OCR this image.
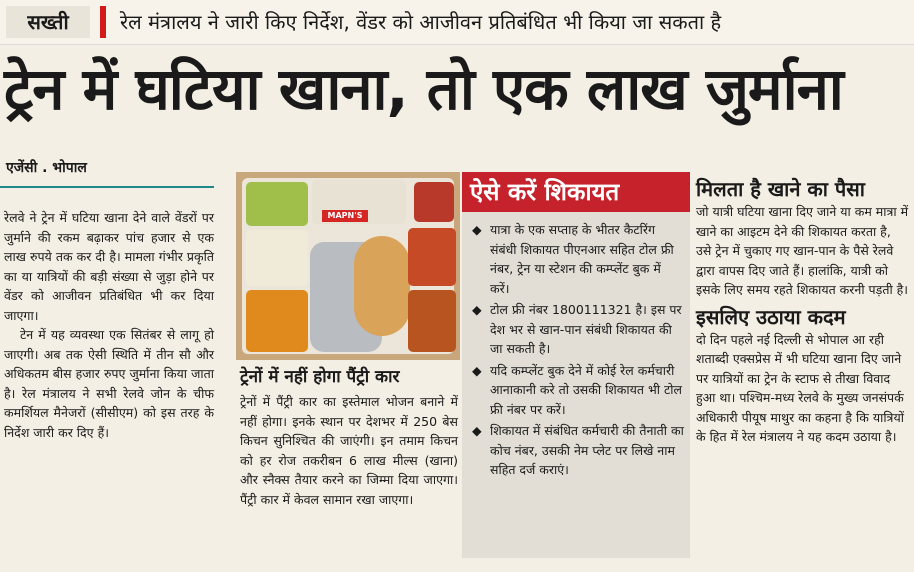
सख्ती	रेल मंत्रालय ने जारी किए निर्देश, वेंडर को आजीवन प्रतिबंधित भी किया जा सकता है
ट्रेन में घटिया खाना, तो एक लाख जुर्माना
एजेंसी . भोपाल

रेलवे ने ट्रेन में घटिया खाना देने वाले वेंडरों पर जुर्माने की रकम बढ़ाकर पांच हजार से एक लाख रुपये तक कर दी है। मामला गंभीर प्रकृति का या यात्रियों की बड़ी संख्या से जुड़ा होने पर वेंडर को आजीवन प्रतिबंधित भी कर दिया जाएगा।

टेन में यह व्यवस्था एक सितंबर से लागू हो जाएगी। अब तक ऐसी स्थिति में तीन सौ और अधिकतम बीस हजार रुपए जुर्माना किया जाता है। रेल मंत्रालय ने सभी रेलवे जोन के चीफ कमर्शियल मैनेजरों (सीसीएम) को इस तरह के निर्देश जारी कर दिए हैं।

MAPN'S
ट्रेनों में नहीं होगा पैंट्री कार
ट्रेनों में पैंट्री कार का इस्तेमाल भोजन बनाने में नहीं होगा। इनके स्थान पर देशभर में 250 बेस किचन सुनिश्चित की जाएंगी। इन तमाम किचन को हर रोज तकरीबन 6 लाख मील्स (खाना) और स्नैक्स तैयार करने का जिम्मा दिया जाएगा। पैंट्री कार में केवल सामान रखा जाएगा।
ऐसे करें शिकायत
◆ यात्रा के एक सप्ताह के भीतर कैटरिंग संबंधी शिकायत पीएनआर सहित टोल फ्री नंबर, ट्रेन या स्टेशन की कम्प्लेंट बुक में करें।
◆ टोल फ्री नंबर 1800111321 है। इस पर देश भर से खान-पान संबंधी शिकायत की जा सकती है।
◆ यदि कम्प्लेंट बुक देने में कोई रेल कर्मचारी आनाकानी करे तो उसकी शिकायत भी टोल फ्री नंबर पर करें।
◆ शिकायत में संबंधित कर्मचारी की तैनाती का कोच नंबर, उसकी नेम प्लेट पर लिखे नाम सहित दर्ज कराएं।
मिलता है खाने का पैसा

जो यात्री घटिया खाना दिए जाने या कम मात्रा में खाने का आइटम देने की शिकायत करता है, उसे ट्रेन में चुकाए गए खान-पान के पैसे रेलवे द्वारा वापस दिए जाते हैं। हालांकि, यात्री को इसके लिए समय रहते शिकायत करनी पड़ती है।

इसलिए उठाया कदम

दो दिन पहले नई दिल्ली से भोपाल आ रही शताब्दी एक्सप्रेस में भी घटिया खाना दिए जाने पर यात्रियों का ट्रेन के स्टाफ से तीखा विवाद हुआ था। पश्चिम-मध्य रेलवे के मुख्य जनसंपर्क अधिकारी पीयूष माथुर का कहना है कि यात्रियों के हित में रेल मंत्रालय ने यह कदम उठाया है।
